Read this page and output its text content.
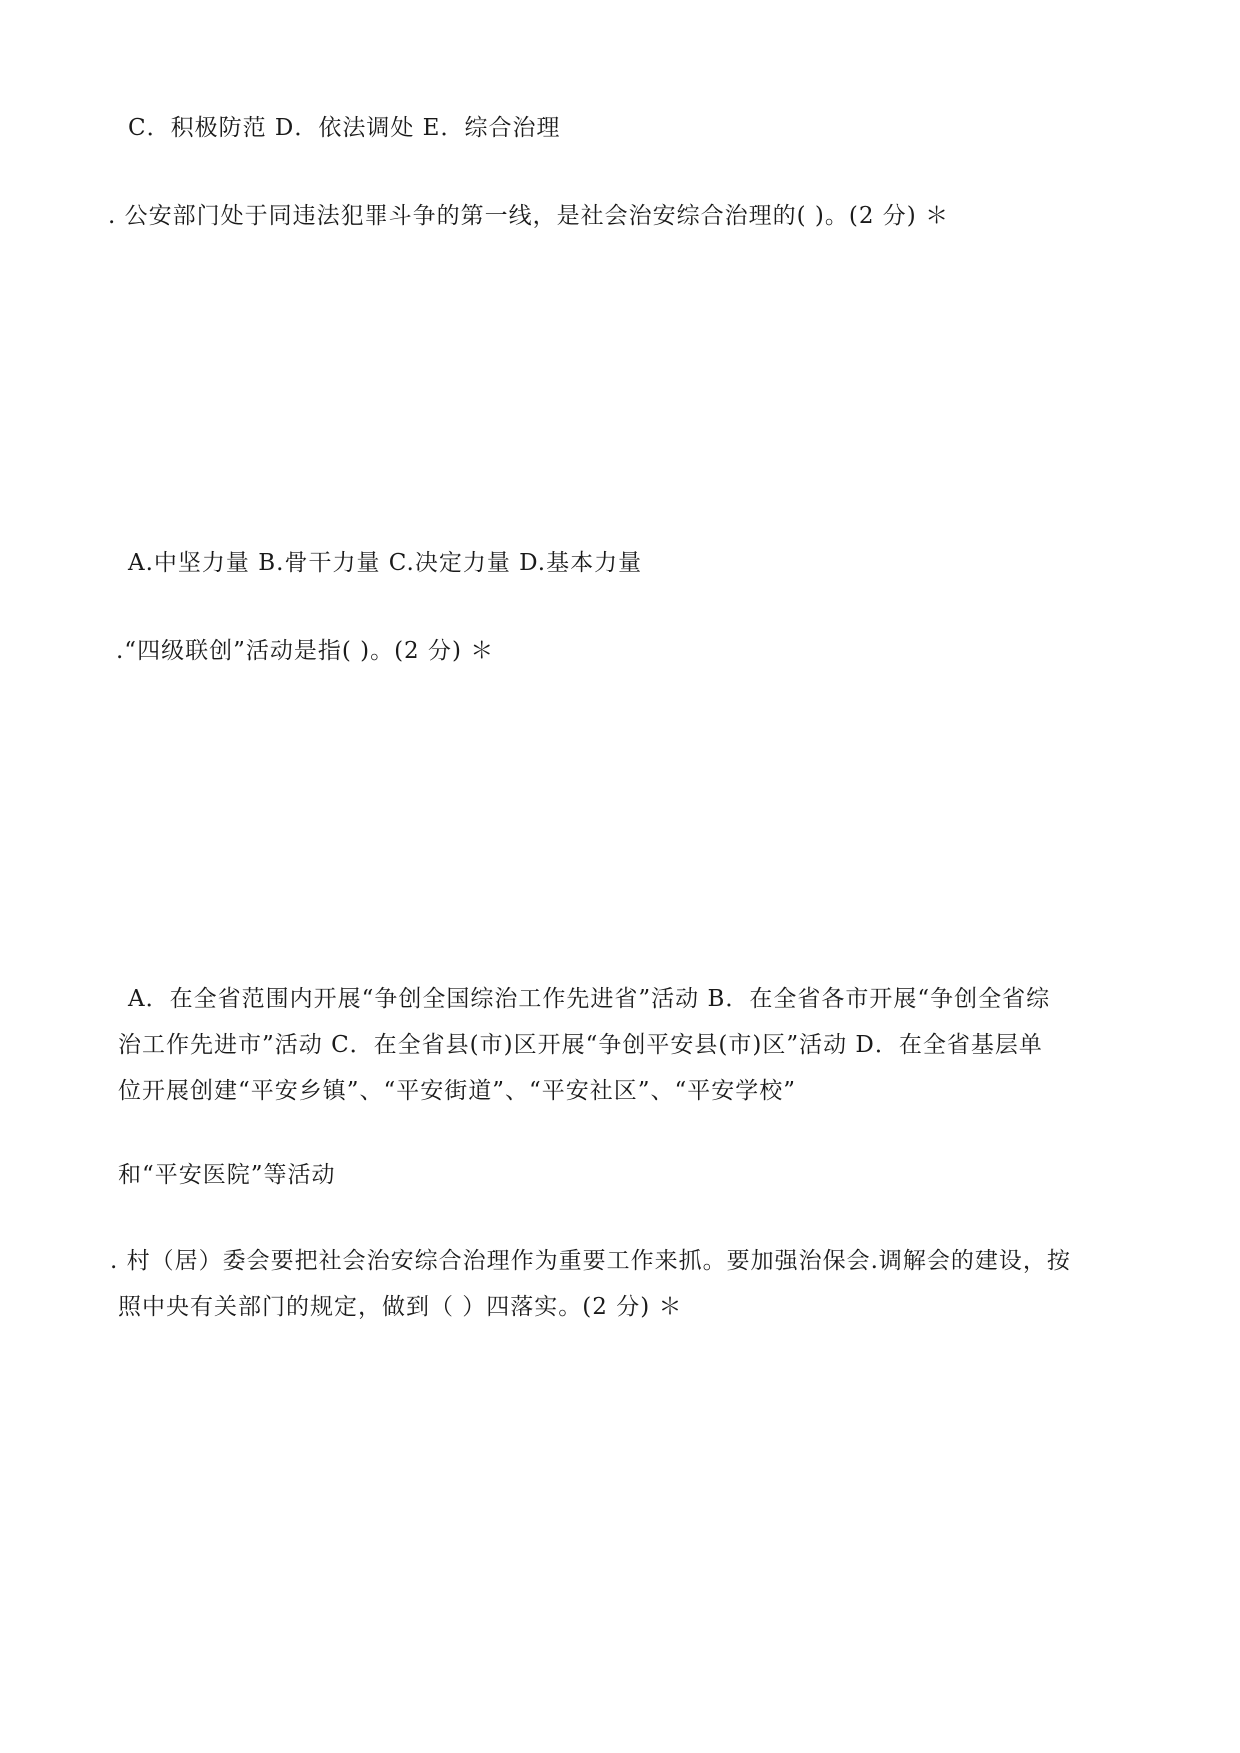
C．积极防范 D．依法调处 E．综合治理
. 公安部门处于同违法犯罪斗争的第一线，是社会治安综合治理的( )。(2 分) ＊
A.中坚力量 B.骨干力量 C.决定力量 D.基本力量
.“四级联创”活动是指( )。(2 分) ＊
A．在全省范围内开展“争创全国综治工作先进省”活动 B．在全省各市开展“争创全省综
治工作先进市”活动 C．在全省县(市)区开展“争创平安县(市)区”活动 D．在全省基层单
位开展创建“平安乡镇”、“平安街道”、“平安社区”、“平安学校”
和“平安医院”等活动
. 村（居）委会要把社会治安综合治理作为重要工作来抓。要加强治保会.调解会的建设，按
照中央有关部门的规定，做到（ ）四落实。(2 分) ＊
